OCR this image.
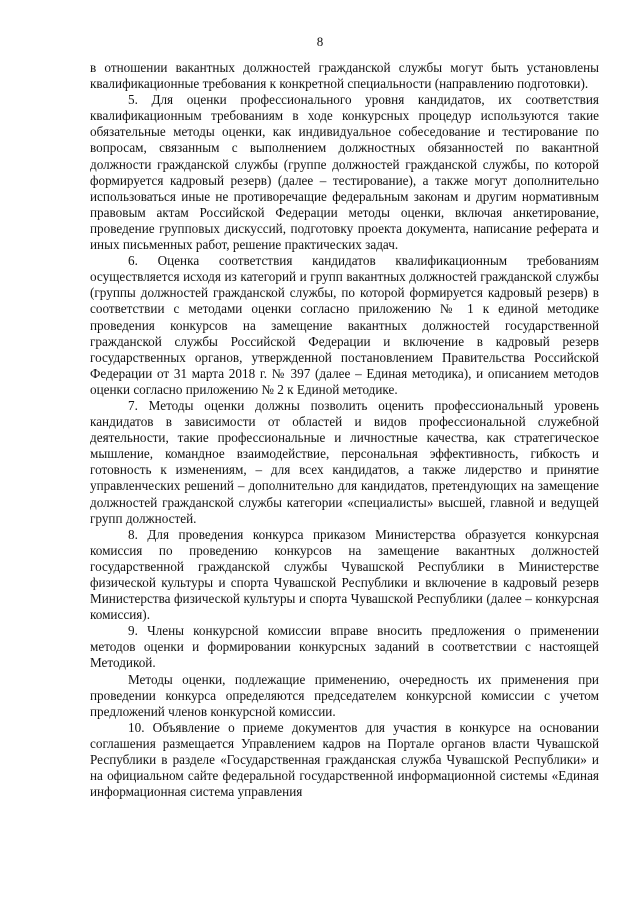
8

в отношении вакантных должностей гражданской службы могут быть установлены квалификационные требования к конкретной специальности (направлению подготовки).

5. Для оценки профессионального уровня кандидатов, их соответствия квалификационным требованиям в ходе конкурсных процедур используются такие обязательные методы оценки, как индивидуальное собеседование и тестирование по вопросам, связанным с выполнением должностных обязанностей по вакантной должности гражданской службы (группе должностей гражданской службы, по которой формируется кадровый резерв) (далее – тестирование), а также могут дополнительно использоваться иные не противоречащие федеральным законам и другим нормативным правовым актам Российской Федерации методы оценки, включая анкетирование, проведение групповых дискуссий, подготовку проекта документа, написание реферата и иных письменных работ, решение практических задач.

6. Оценка соответствия кандидатов квалификационным требованиям осуществляется исходя из категорий и групп вакантных должностей гражданской службы (группы должностей гражданской службы, по которой формируется кадровый резерв) в соответствии с методами оценки согласно приложению № 1 к единой методике проведения конкурсов на замещение вакантных должностей государственной гражданской службы Российской Федерации и включение в кадровый резерв государственных органов, утвержденной постановлением Правительства Российской Федерации от 31 марта 2018 г. № 397 (далее – Единая методика), и описанием методов оценки согласно приложению № 2 к Единой методике.

7. Методы оценки должны позволить оценить профессиональный уровень кандидатов в зависимости от областей и видов профессиональной служебной деятельности, такие профессиональные и личностные качества, как стратегическое мышление, командное взаимодействие, персональная эффективность, гибкость и готовность к изменениям, – для всех кандидатов, а также лидерство и принятие управленческих решений – дополнительно для кандидатов, претендующих на замещение должностей гражданской службы категории «специалисты» высшей, главной и ведущей групп должностей.

8. Для проведения конкурса приказом Министерства образуется конкурсная комиссия по проведению конкурсов на замещение вакантных должностей государственной гражданской службы Чувашской Республики в Министерстве физической культуры и спорта Чувашской Республики и включение в кадровый резерв Министерства физической культуры и спорта Чувашской Республики (далее – конкурсная комиссия).

9. Члены конкурсной комиссии вправе вносить предложения о применении методов оценки и формировании конкурсных заданий в соответствии с настоящей Методикой.

Методы оценки, подлежащие применению, очередность их применения при проведении конкурса определяются председателем конкурсной комиссии с учетом предложений членов конкурсной комиссии.

10. Объявление о приеме документов для участия в конкурсе на основании соглашения размещается Управлением кадров на Портале органов власти Чувашской Республики в разделе «Государственная гражданская служба Чувашской Республики» и на официальном сайте федеральной государственной информационной системы «Единая информационная система управления
